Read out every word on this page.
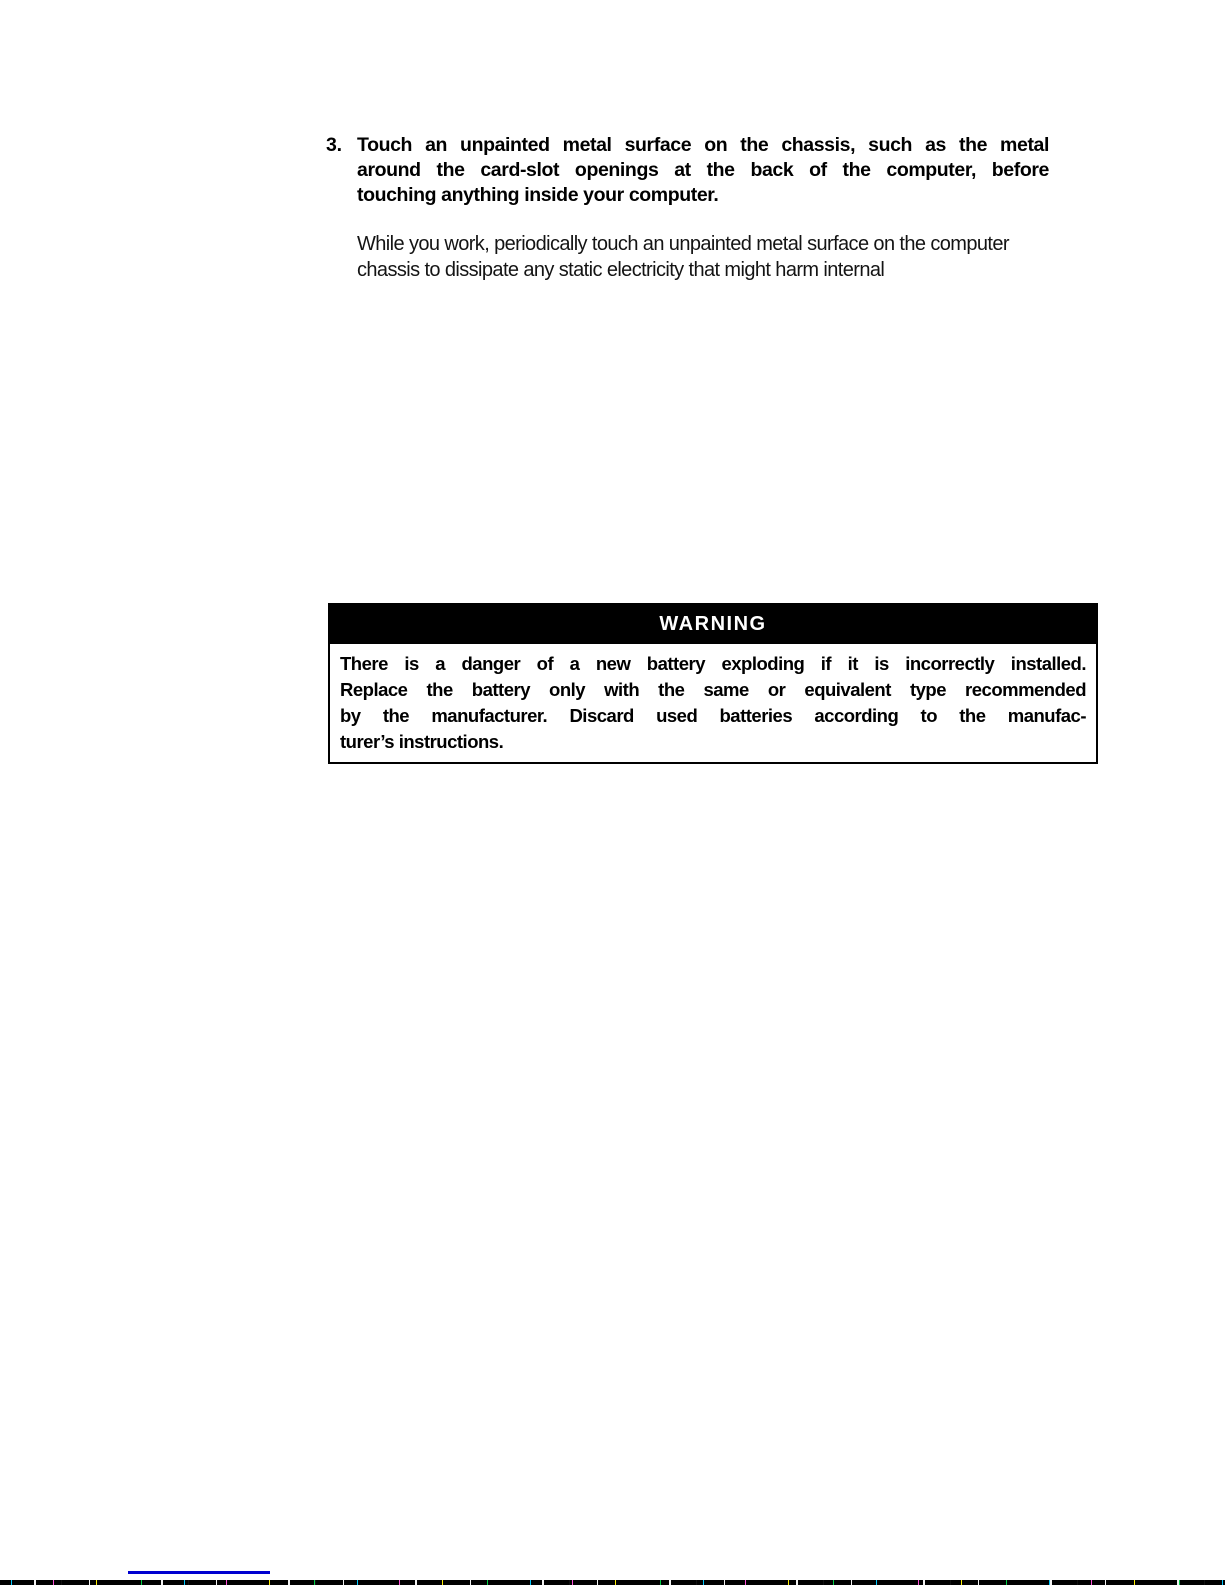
3. Touch an unpainted metal surface on the chassis, such as the metal
around the card-slot openings at the back of the computer, before
touching anything inside your computer.
While you work, periodically touch an unpainted metal surface on the computer
chassis to dissipate any static electricity that might harm internal
WARNING
There is a danger of a new battery exploding if it is incorrectly installed.
Replace the battery only with the same or equivalent type recommended
by the manufacturer. Discard used batteries according to the manufac-
turer’s instructions.
